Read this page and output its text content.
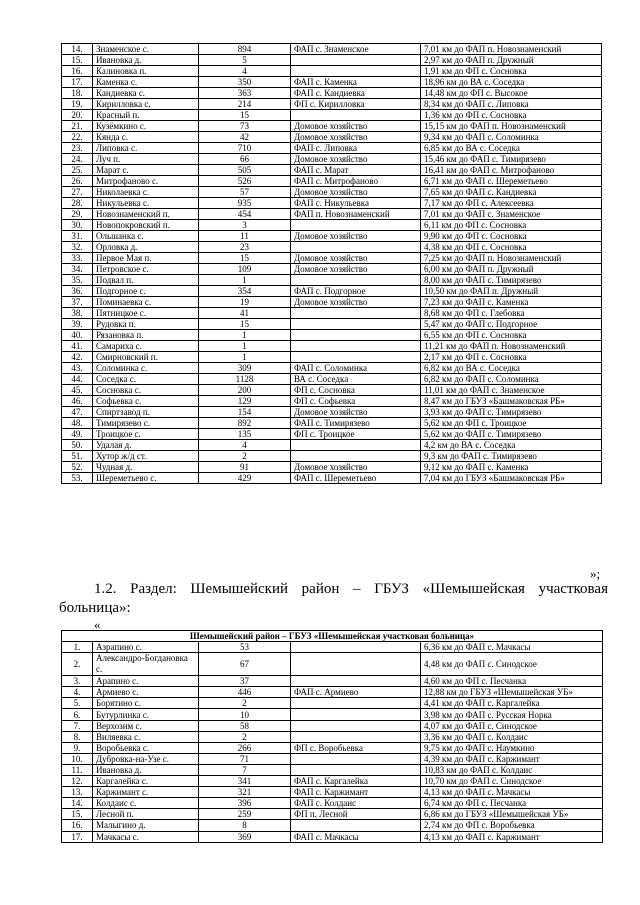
14.	Знаменское с.	894	ФАП с. Знаменское	7,01 км до ФАП п. Новознаменский
15.	Ивановка д.	5		2,97 км до ФАП п. Дружный
16.	Калиновка п.	4		1,91 км до ФП с. Сосновка
17.	Каменка с.	350	ФАП с. Каменка	18,96 км до ВА с. Соседка
18.	Кандиевка с.	363	ФАП с. Кандиевка	14,48 км до ФП с. Высокое
19.	Кирилловка с.	214	ФП с. Кирилловка	8,34 км до ФАП с. Липовка
20.	Красный п.	15		1,36 км до ФП с. Сосновка
21.	Кузёмкино с.	73	Домовое хозяйство	15,15 км до ФАП п. Новознаменский
22.	Кяндa с.	42	Домовое хозяйство	9,34 км до ФАП с. Соломинка
23.	Липовка с.	710	ФАП с. Липовка	6,85 км до ВА с. Соседка
24.	Луч п.	66	Домовое хозяйство	15,46 км до ФАП с. Тимирязево
25.	Марат с.	505	ФАП с. Марат	16,41 км до ФАП с. Митрофаново
26.	Митрофаново с.	526	ФАП с. Митрофаново	6,71 км до ФАП с. Шереметьево
27.	Николаевка с.	57	Домовое хозяйство	7,65 км до ФАП с. Кандиевка
28.	Никульевка с.	935	ФАП с. Никульевка	7,17 км до ФП с. Алексеевка
29.	Новознаменский п.	454	ФАП п. Новознаменский	7,01 км до ФАП с. Знаменское
30.	Новопокровский п.	3		6,11 км до ФП с. Сосновка
31.	Ольшанка с.	11	Домовое хозяйство	9,90 км до ФП с. Сосновка
32.	Орловка д.	23		4,38 км до ФП с. Сосновка
33.	Первое Мая п.	15	Домовое хозяйство	7,25 км до ФАП п. Новознаменский
34.	Петровское с.	109	Домовое хозяйство	6,00 км до ФАП п. Дружный
35.	Подвал п.	1		8,00 км до ФАП с. Тимирязево
36.	Подгорное с.	354	ФАП с. Подгорное	10,50 км до ФАП п. Дружный
37.	Поминаевка с.	19	Домовое хозяйство	7,23 км до ФАП с. Каменка
38.	Пятницкое с.	41		8,68 км до ФП с. Глебовка
39.	Рудовка п.	15		5,47 км до ФАП с. Подгорное
40.	Рязановка п.	1		6,55 км до ФП с. Сосновка
41.	Самариха с.	1		11,21 км до ФАП п. Новознаменский
42.	Смирновский п.	1		2,17 км до ФП с. Сосновка
43.	Соломинка с.	309	ФАП с. Соломинка	6,82 км до ВА с. Соседка
44.	Соседка с.	1128	ВА с. Соседка	6,82 км до ФАП с. Соломинка
45.	Сосновка с.	200	ФП с. Сосновка	11,01 км до ФАП с. Знаменское
46.	Софьевка с.	129	ФП с. Софьевка	8,47 км до ГБУЗ «Башмаковская РБ»
47.	Спиртзавод п.	154	Домовое хозяйство	3,93 км до ФАП с. Тимирязево
48.	Тимирязево с.	892	ФАП с. Тимирязево	5,62 км до ФП с. Троицкое
49.	Троицкое с.	135	ФП с. Троицкое	5,62 км до ФАП с. Тимирязево
50.	Удалая д.	4		4,2 км до ВА с. Соседка
51.	Хутор ж/д ст.	2		9,3 км до ФАП с. Тимирязево
52.	Чудная д.	91	Домовое хозяйство	9,12 км до ФАП с. Каменка
53.	Шереметьево с.	429	ФАП с. Шереметьево	7,04 км до ГБУЗ «Башмаковская РБ»
»;
1.2. Раздел: Шемышейский район – ГБУЗ «Шемышейская участковая
больница»:
«
Шемышейский район – ГБУЗ «Шемышейская участковая больница»				
1.	Азрапино с.	53		6,36 км до ФАП с. Мачкасы
2.	Александро-Богдановка с.	67		4,48 км до ФАП с. Синодское
3.	Арапино с.	37		4,60 км до ФП с. Песчанка
4.	Армиево с.	446	ФАП с. Армиево	12,88 км до ГБУЗ «Шемышейская УБ»
5.	Борятино с.	2		4,41 км до ФАП с. Каргалейка
6.	Бутурлинка с.	10		3,98 км до ФАП с. Русская Норка
7.	Верхозим с.	58		4,07 км до ФАП с. Синодское
8.	Виляевка с.	2		3,36 км до ФАП с. Колдаис
9.	Воробьевка с.	266	ФП с. Воробьевка	9,75 км до ФАП с. Наумкино
10.	Дубровка-на-Узе с.	71		4,39 км до ФАП с. Каржимант
11.	Ивановка д.	7		10,83 км до ФАП с. Колдаис
12.	Каргалейка с.	341	ФАП с. Каргалейка	10,70 км до ФАП с. Синодское
13.	Каржимант с.	321	ФАП с. Каржимант	4,13 км до ФАП с. Мачкасы
14.	Колдаис с.	396	ФАП с. Колдаис	6,74 км до ФП с. Песчанка
15.	Лесной п.	259	ФП п. Лесной	6,86 км до ГБУЗ «Шемышейская УБ»
16.	Малыгино д.	8		2,74 км до ФП с. Воробьевка
17.	Мачкасы с.	369	ФАП с. Мачкасы	4,13 км до ФАП с. Каржимант
